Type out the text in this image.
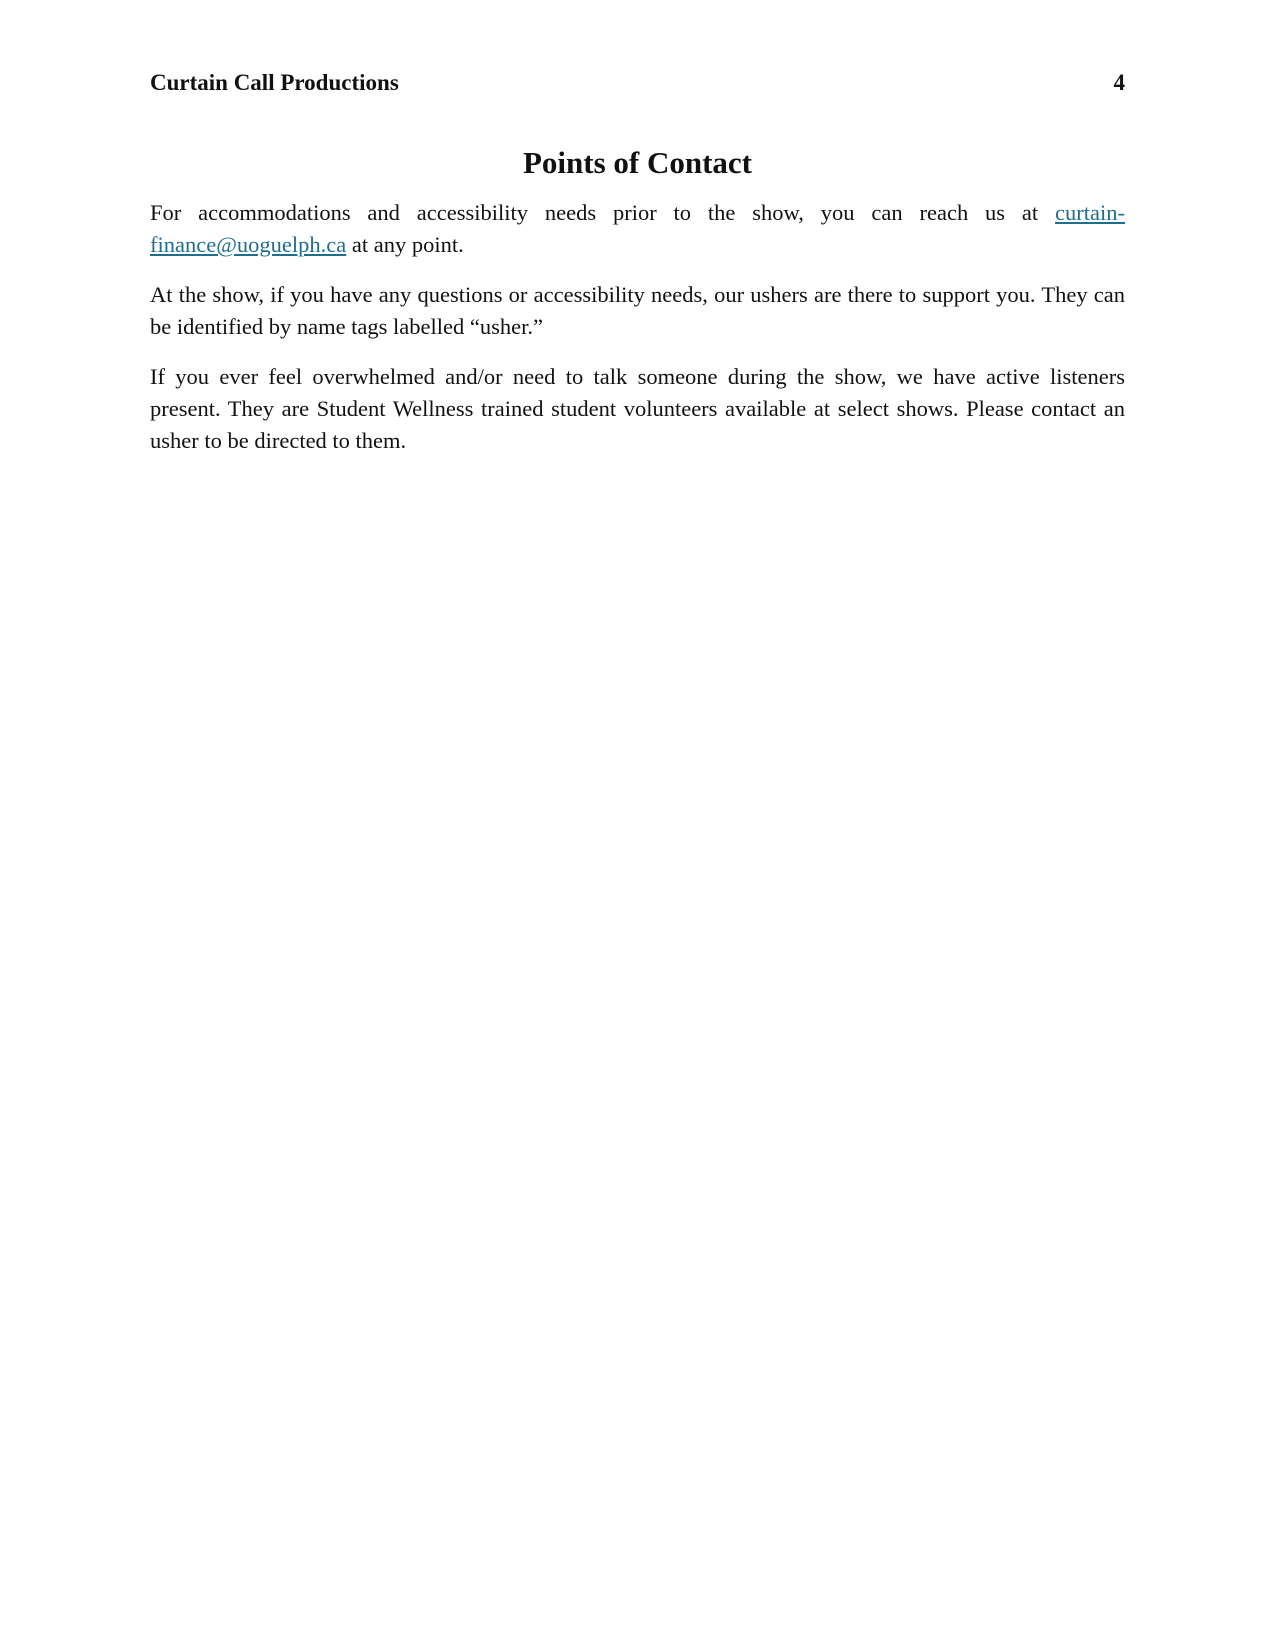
Curtain Call Productions	4
Points of Contact

For accommodations and accessibility needs prior to the show, you can reach us at curtain-finance@uoguelph.ca at any point.

At the show, if you have any questions or accessibility needs, our ushers are there to support you. They can be identified by name tags labelled “usher.”

If you ever feel overwhelmed and/or need to talk someone during the show, we have active listeners present. They are Student Wellness trained student volunteers available at select shows. Please contact an usher to be directed to them.
